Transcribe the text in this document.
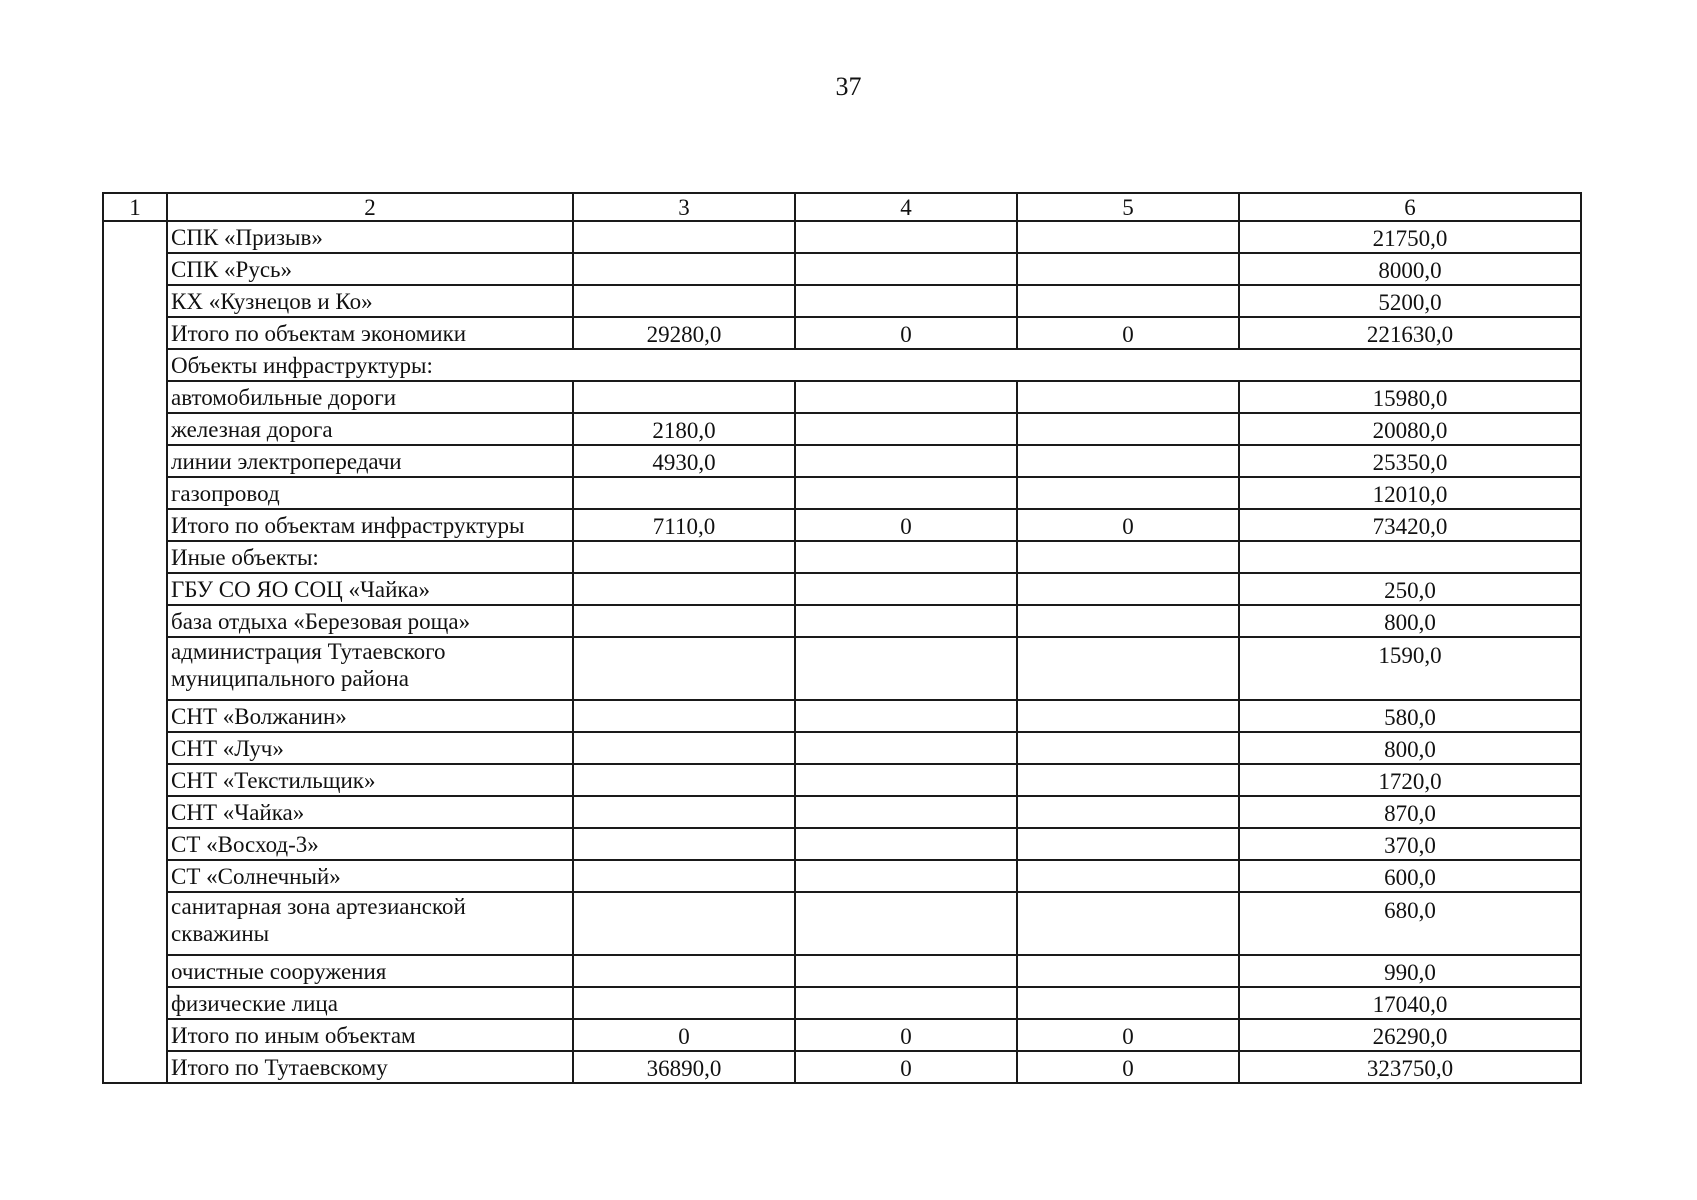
37
1	2	3	4	5	6
	СПК «Призыв»				21750,0
	СПК «Русь»				8000,0
	КХ «Кузнецов и Ко»				5200,0
	Итого по объектам экономики	29280,0	0	0	221630,0
	Объекты инфраструктуры:				
	автомобильные дороги				15980,0
	железная дорога	2180,0			20080,0
	линии электропередачи	4930,0			25350,0
	газопровод				12010,0
	Итого по объектам инфраструктуры	7110,0	0	0	73420,0
	Иные объекты:				
	ГБУ СО ЯО СОЦ «Чайка»				250,0
	база отдыха «Березовая роща»				800,0
	администрация Тутаевского муниципального района				1590,0
	СНТ «Волжанин»				580,0
	СНТ «Луч»				800,0
	СНТ «Текстильщик»				1720,0
	СНТ «Чайка»				870,0
	СТ «Восход-3»				370,0
	СТ «Солнечный»				600,0
	санитарная зона артезианской скважины				680,0
	очистные сооружения				990,0
	физические лица				17040,0
	Итого по иным объектам	0	0	0	26290,0
	Итого по Тутаевскому	36890,0	0	0	323750,0
